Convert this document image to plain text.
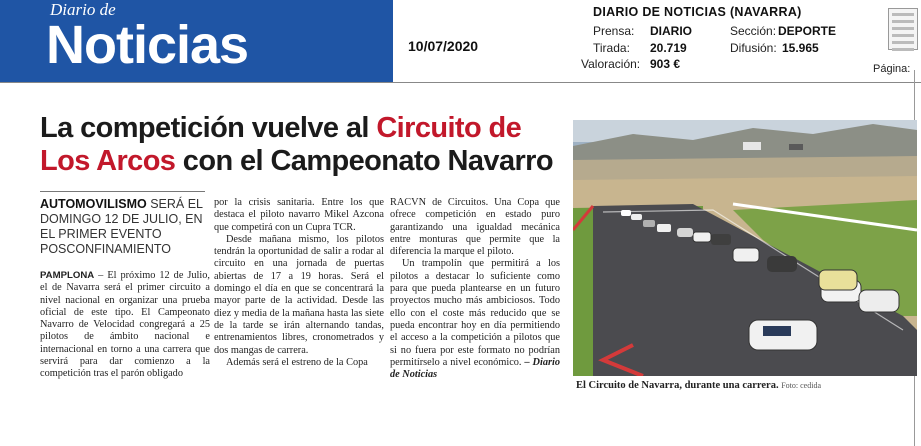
Diario de
Noticias	10/07/2020
DIARIO DE NOTICIAS (NAVARRA)
Prensa: DIARIO
Tirada: 20.719
Valoración: 903 €
Sección: DEPORTE
Difusión: 15.965
Página:
La competición vuelve al Circuito de
Los Arcos con el Campeonato Navarro

AUTOMOVILISMO SERÁ EL DOMINGO 12 DE JULIO, EN EL PRIMER EVENTO POSCONFINAMIENTO

PAMPLONA – El próximo 12 de Julio, el de Navarra será el primer circuito a nivel nacional en organizar una prueba oficial de este tipo. El Campeonato Navarro de Velocidad congregará a 25 pilotos de ámbito nacional e internacional en torno a una carrera que servirá para dar comienzo a la competición tras el parón obligado

por la crisis sanitaria. Entre los que destaca el piloto navarro Mikel Azcona que competirá con un Cupra TCR.

Desde mañana mismo, los pilotos tendrán la oportunidad de salir a rodar al circuito en una jornada de puertas abiertas de 17 a 19 horas. Será el domingo el día en que se concentrará la mayor parte de la actividad. Desde las diez y media de la mañana hasta las siete de la tarde se irán alternando tandas, entrenamientos libres, cronometrados y dos mangas de carrera.

Además será el estreno de la Copa

RACVN de Circuitos. Una Copa que ofrece competición en estado puro garantizando una igualdad mecánica entre monturas que permite que la diferencia la marque el piloto.

Un trampolín que permitirá a los pilotos a destacar lo suficiente como para que pueda plantearse en un futuro proyectos mucho más ambiciosos. Todo ello con el coste más reducido que se pueda encontrar hoy en día permitiendo el acceso a la competición a pilotos que si no fuera por este formato no podrían permitírselo a nivel económico. – Diario de Noticias

El Circuito de Navarra, durante una carrera. Foto: cedida
